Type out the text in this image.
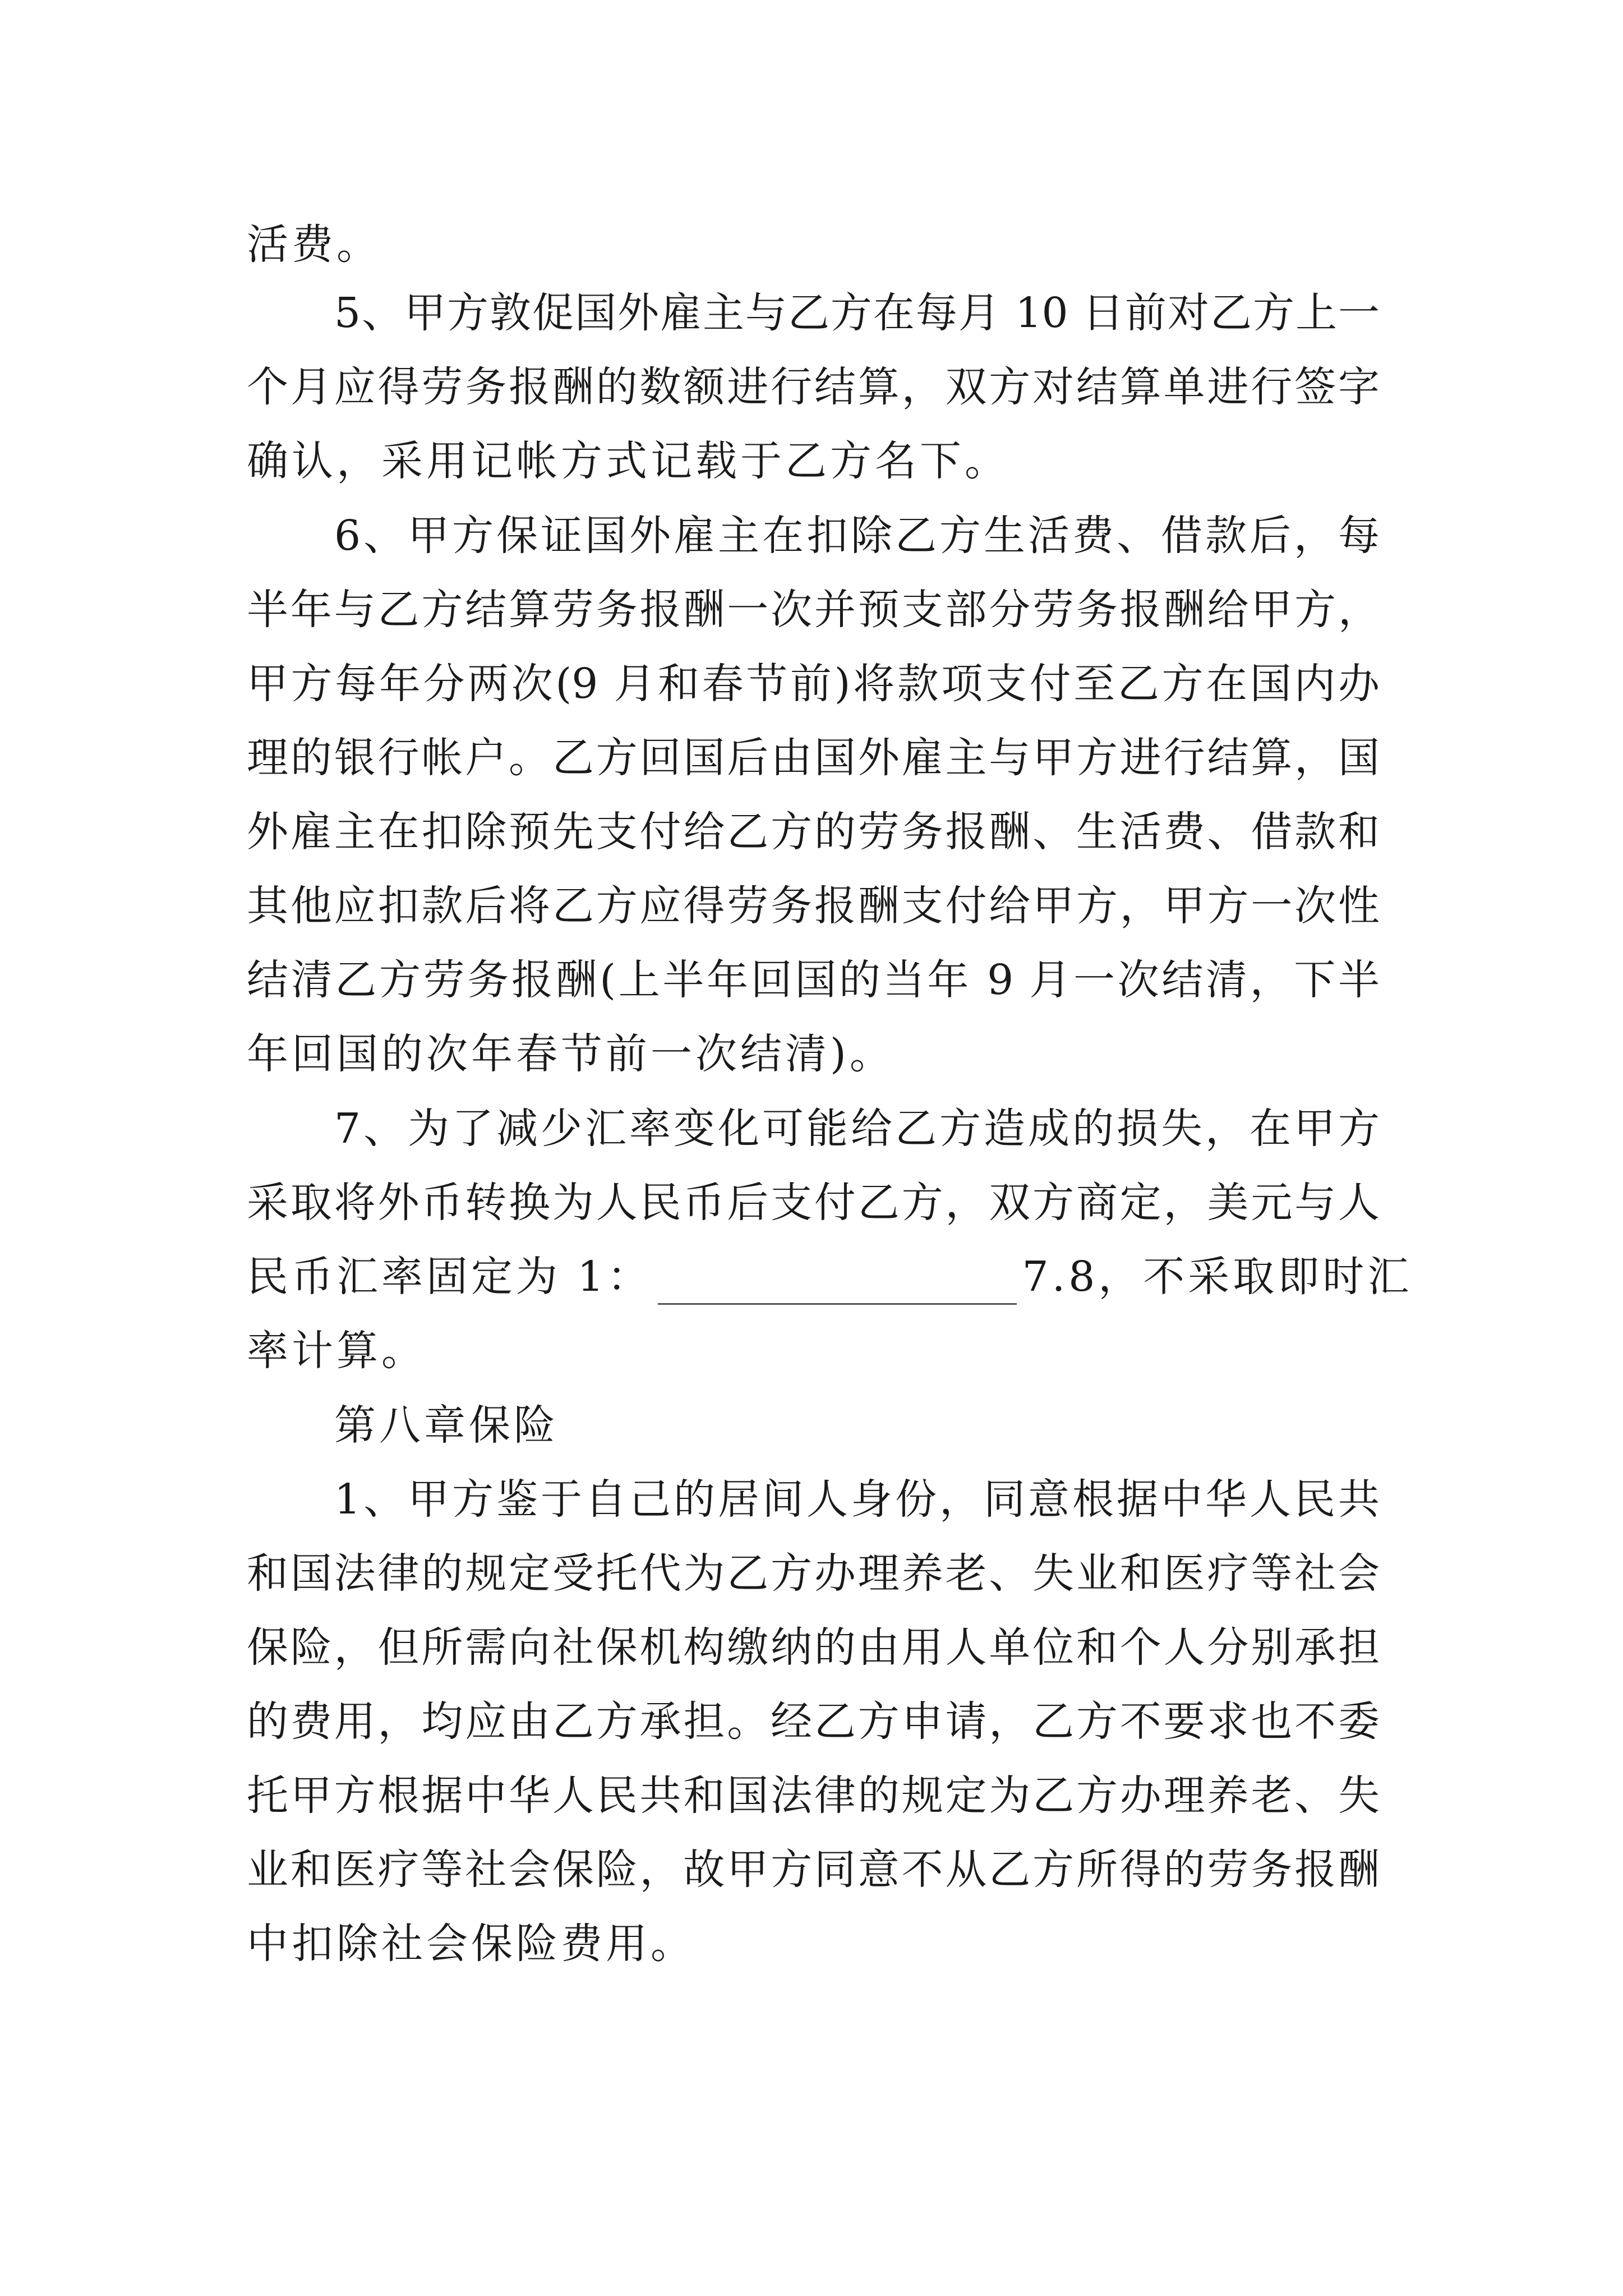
活费。
5、甲方敦促国外雇主与乙方在每月 10 日前对乙方上一
个月应得劳务报酬的数额进行结算，双方对结算单进行签字
确认，采用记帐方式记载于乙方名下。
6、甲方保证国外雇主在扣除乙方生活费、借款后，每
半年与乙方结算劳务报酬一次并预支部分劳务报酬给甲方，
甲方每年分两次(9 月和春节前)将款项支付至乙方在国内办
理的银行帐户。乙方回国后由国外雇主与甲方进行结算，国
外雇主在扣除预先支付给乙方的劳务报酬、生活费、借款和
其他应扣款后将乙方应得劳务报酬支付给甲方，甲方一次性
结清乙方劳务报酬(上半年回国的当年 9 月一次结清，下半
年回国的次年春节前一次结清)。
7、为了减少汇率变化可能给乙方造成的损失，在甲方
采取将外币转换为人民币后支付乙方，双方商定，美元与人
民币汇率固定为 1：	7.8，不采取即时汇
率计算。
第八章保险
1、甲方鉴于自己的居间人身份，同意根据中华人民共
和国法律的规定受托代为乙方办理养老、失业和医疗等社会
保险，但所需向社保机构缴纳的由用人单位和个人分别承担
的费用，均应由乙方承担。经乙方申请，乙方不要求也不委
托甲方根据中华人民共和国法律的规定为乙方办理养老、失
业和医疗等社会保险，故甲方同意不从乙方所得的劳务报酬
中扣除社会保险费用。
